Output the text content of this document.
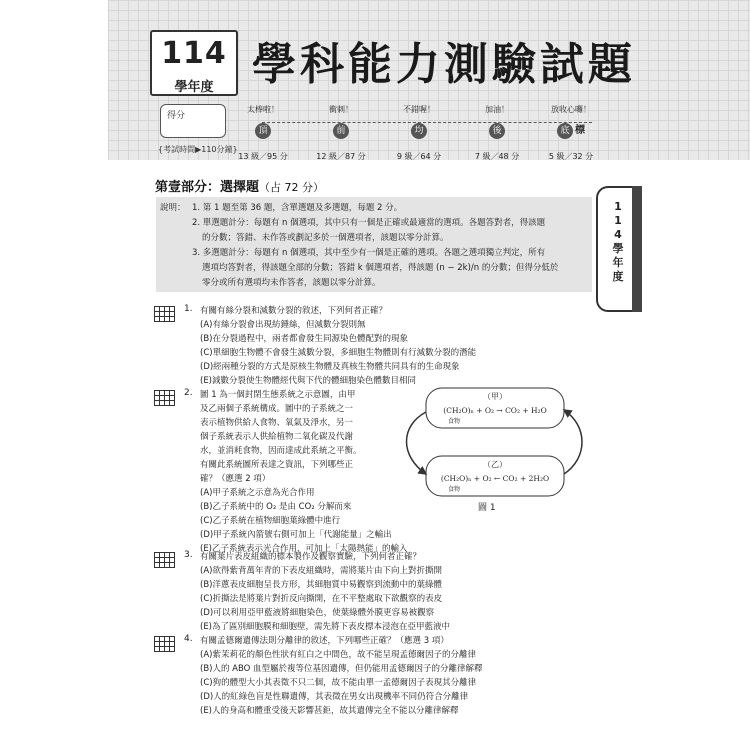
114
學年度 學科能力測驗試題
得分
{考試時間▶110分鐘}
太棒啦！
頂
13 級／95 分
衝刺！
前
12 級／87 分
不錯喔！
均
9 級／64 分
加油！
後
7 級／48 分
放收心囉！
底 標
5 級／32 分
1
1
4
學
年
度
第壹部分：選擇題（占 72 分）
說明： 1. 第 1 題至第 36 題，含單選題及多選題，每題 2 分。
2. 單選題計分：每題有 n 個選項，其中只有一個是正確或最適當的選項。各題答對者，得該題
的分數；答錯、未作答或劃記多於一個選項者，該題以零分計算。
3. 多選題計分：每題有 n 個選項，其中至少有一個是正確的選項。各題之選項獨立判定，所有
選項均答對者，得該題全部的分數；答錯 k 個選項者，得該題 (n − 2k)/n 的分數；但得分低於
零分或所有選項均未作答者，該題以零分計算。
1. 有關有絲分裂和減數分裂的敘述，下列何者正確？
(A)有絲分裂會出現紡錘絲，但減數分裂則無
(B)在分裂過程中，兩者都會發生同源染色體配對的現象
(C)單細胞生物體不會發生減數分裂，多細胞生物體則有行減數分裂的潛能
(D)經兩種分裂的方式是原核生物體及真核生物體共同具有的生命現象
(E)減數分裂使生物體經代與下代的體細胞染色體數目相同
2. 圖 1 為一個封閉生態系統之示意圖，由甲
及乙兩個子系統構成。圖中的子系統之一
表示植物供給人食物、氧氣及淨水，另一
個子系統表示人供給植物二氧化碳及代謝
水，並消耗食物，因而達成此系統之平衡。
有關此系統圖所表達之資訊，下列哪些正
確？（應選 2 項）
(A)甲子系統之示意為光合作用
(B)乙子系統中的 O₂ 是由 CO₂ 分解而來
(C)乙子系統在植物細胞葉綠體中進行
(D)甲子系統內箭號右側可加上「代謝能量」之輸出
(E)乙子系統表示光合作用，可加上「太陽熱能」的輸入
（甲）
(CH₂O)ₙ + O₂ → CO₂ + H₂O
食物
（乙）
(CH₂O)ₙ + O₂ ← CO₂ + 2H₂O
食物
圖 1
3. 有關葉片表皮組織的標本製作及觀察實驗，下列何者正確？
(A)欲得紫背萬年青的下表皮組織時，需將葉片由下向上對折撕開
(B)洋蔥表皮細胞呈長方形，其細胞質中易觀察到流動中的葉綠體
(C)折撕法是將葉片對折反向撕開，在不平整處取下欲觀察的表皮
(D)可以利用亞甲藍液將細胞染色，使葉綠體外膜更容易被觀察
(E)為了區別細胞膜和細胞壁，需先將下表皮標本浸泡在亞甲藍液中
4. 有關孟德爾遺傳法則分離律的敘述，下列哪些正確？（應選 3 項）
(A)紫茉莉花的顏色性狀有紅白之中間色，故不能呈現孟德爾因子的分離律
(B)人的 ABO 血型屬於複等位基因遺傳，但仍能用孟德爾因子的分離律解釋
(C)狗的體型大小其表徵不只二個，故不能由單一孟德爾因子表現其分離律
(D)人的紅綠色盲是性聯遺傳，其表徵在男女出現機率不同仍符合分離律
(E)人的身高和體重受後天影響甚鉅，故其遺傳完全不能以分離律解釋
